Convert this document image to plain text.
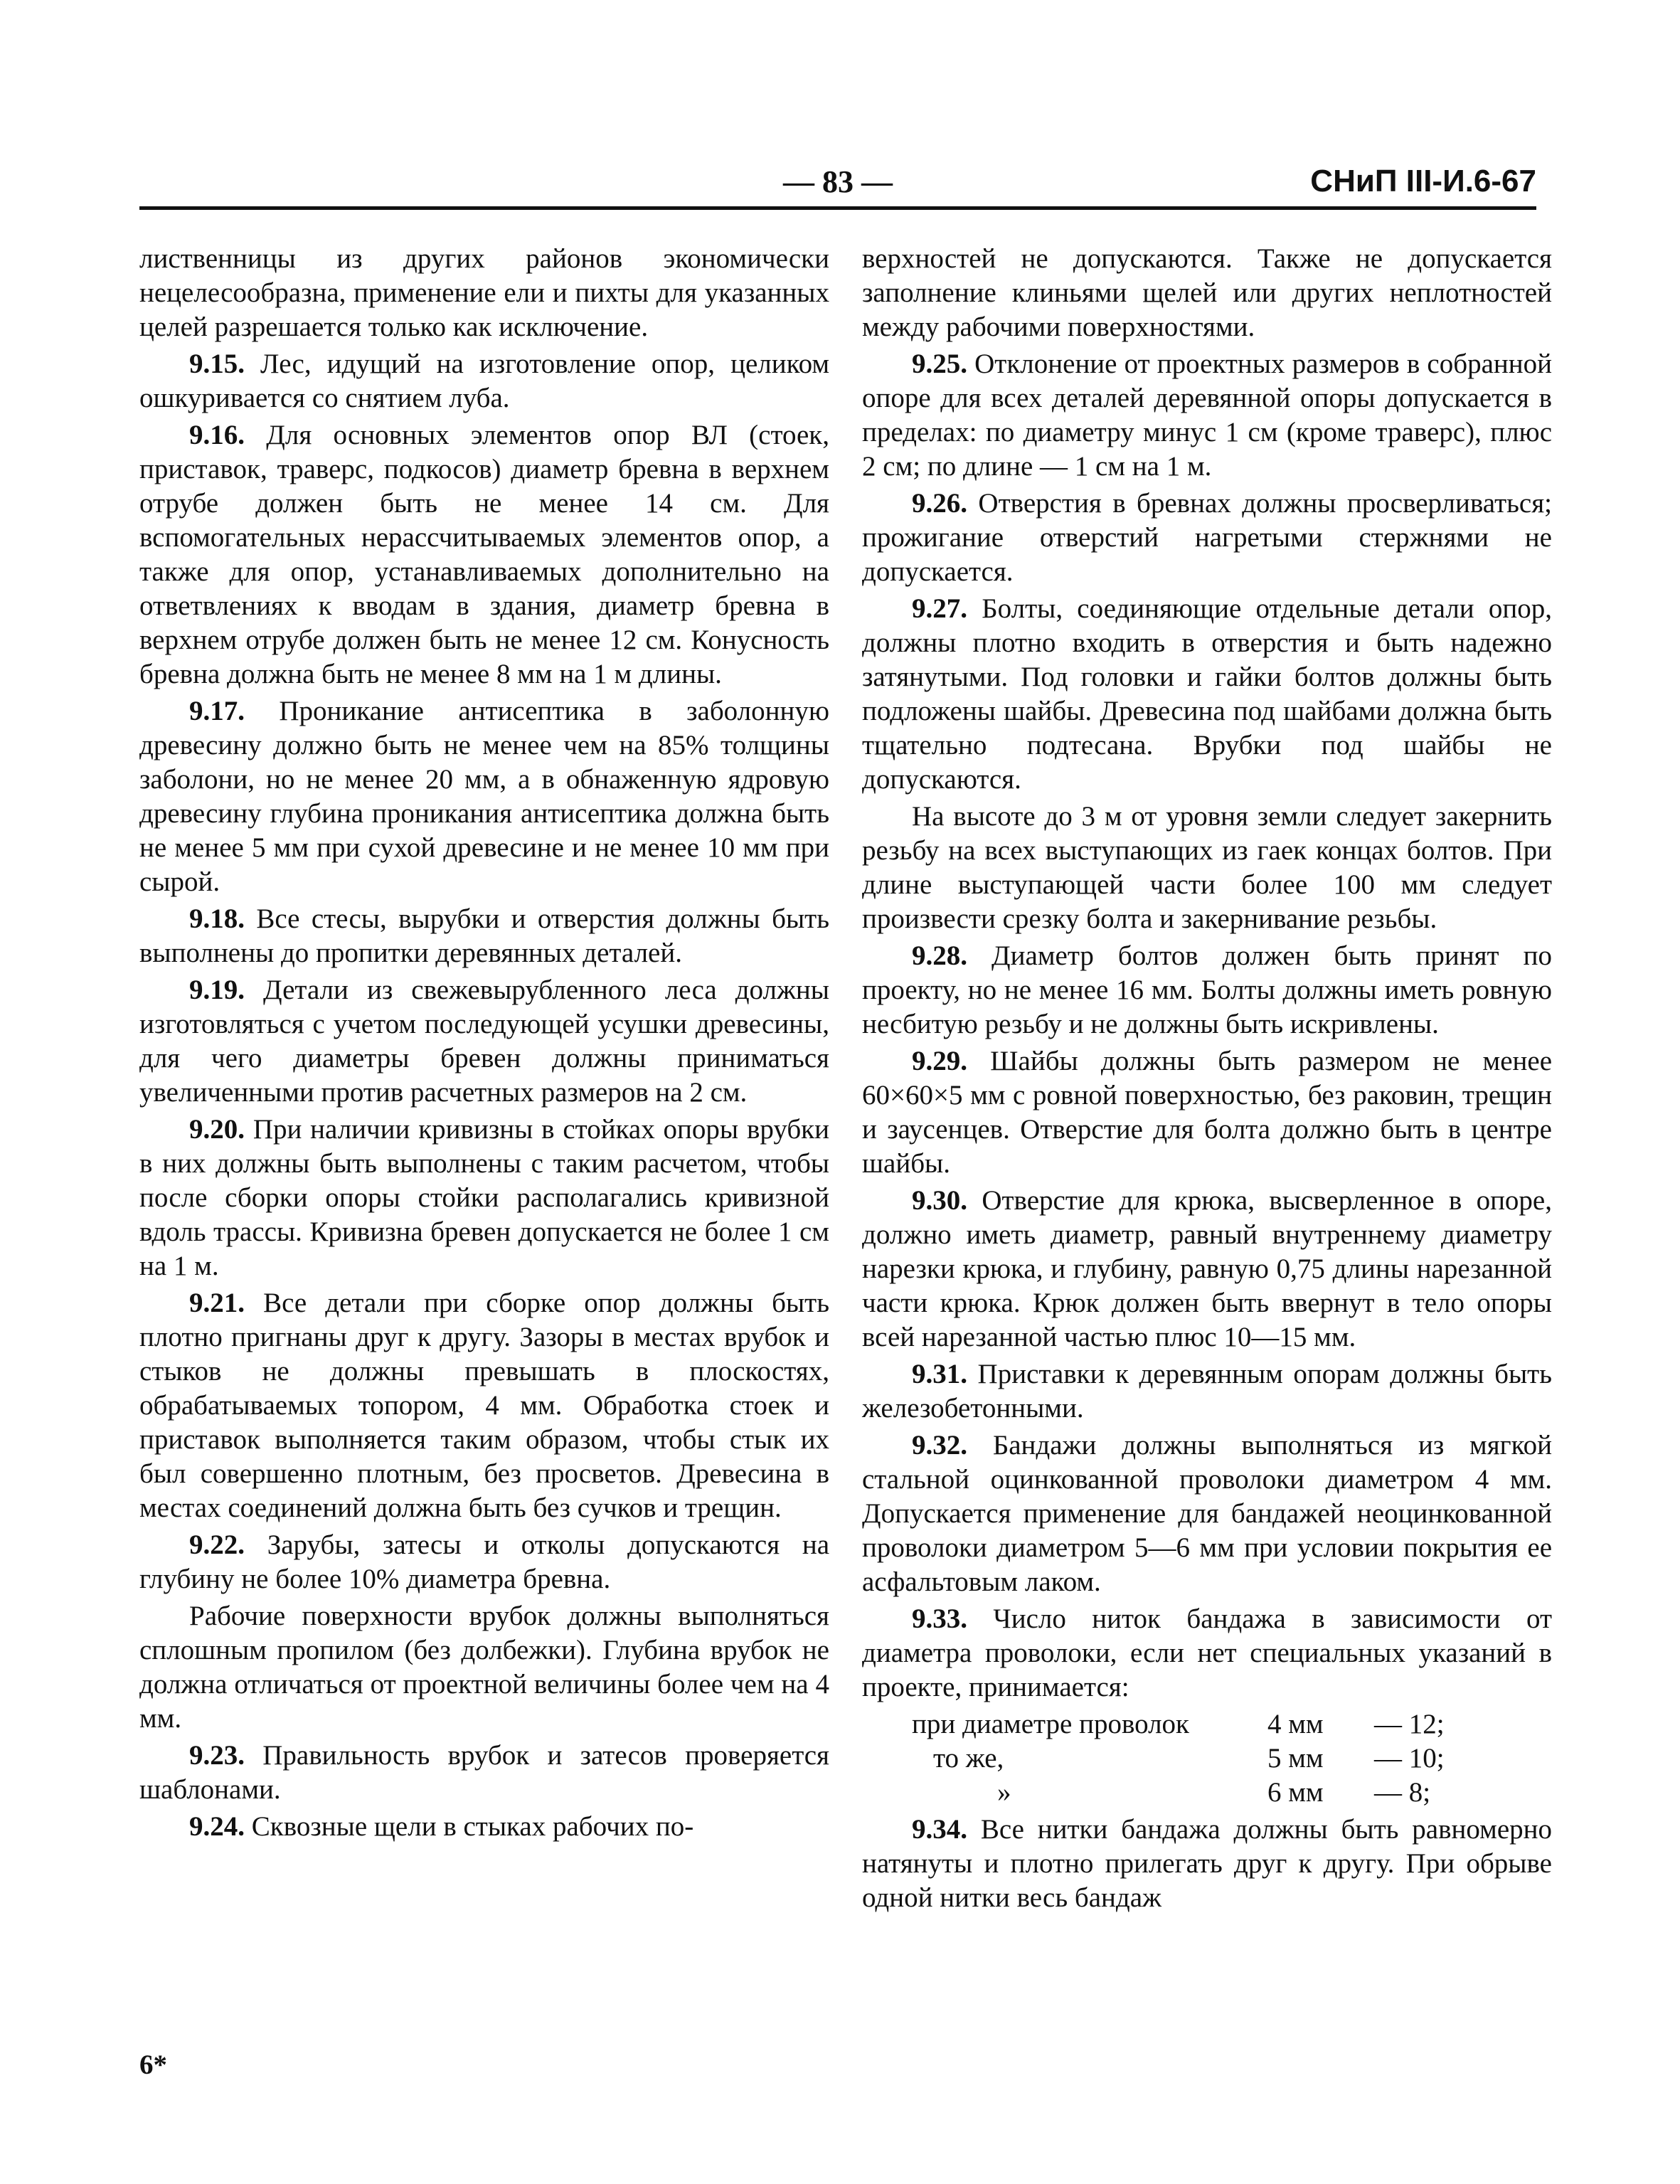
— 83 —	СНиП III-И.6-67

лиственницы из других районов экономически нецелесообразна, применение ели и пихты для указанных целей разрешается только как исключение.

9.15. Лес, идущий на изготовление опор, целиком ошкуривается со снятием луба.

9.16. Для основных элементов опор ВЛ (стоек, приставок, траверс, подкосов) диаметр бревна в верхнем отрубе должен быть не менее 14 см. Для вспомогательных нерассчитываемых элементов опор, а также для опор, устанавливаемых дополнительно на ответвлениях к вводам в здания, диаметр бревна в верхнем отрубе должен быть не менее 12 см. Конусность бревна должна быть не менее 8 мм на 1 м длины.

9.17. Проникание антисептика в заболонную древесину должно быть не менее чем на 85% толщины заболони, но не менее 20 мм, а в обнаженную ядровую древесину глубина проникания антисептика должна быть не менее 5 мм при сухой древесине и не менее 10 мм при сырой.

9.18. Все стесы, вырубки и отверстия должны быть выполнены до пропитки деревянных деталей.

9.19. Детали из свежевырубленного леса должны изготовляться с учетом последующей усушки древесины, для чего диаметры бревен должны приниматься увеличенными против расчетных размеров на 2 см.

9.20. При наличии кривизны в стойках опоры врубки в них должны быть выполнены с таким расчетом, чтобы после сборки опоры стойки располагались кривизной вдоль трассы. Кривизна бревен допускается не более 1 см на 1 м.

9.21. Все детали при сборке опор должны быть плотно пригнаны друг к другу. Зазоры в местах врубок и стыков не должны превышать в плоскостях, обрабатываемых топором, 4 мм. Обработка стоек и приставок выполняется таким образом, чтобы стык их был совершенно плотным, без просветов. Древесина в местах соединений должна быть без сучков и трещин.

9.22. Зарубы, затесы и отколы допускаются на глубину не более 10% диаметра бревна.

Рабочие поверхности врубок должны выполняться сплошным пропилом (без долбежки). Глубина врубок не должна отличаться от проектной величины более чем на 4 мм.

9.23. Правильность врубок и затесов проверяется шаблонами.

9.24. Сквозные щели в стыках рабочих по-

верхностей не допускаются. Также не допускается заполнение клиньями щелей или других неплотностей между рабочими поверхностями.

9.25. Отклонение от проектных размеров в собранной опоре для всех деталей деревянной опоры допускается в пределах: по диаметру минус 1 см (кроме траверс), плюс 2 см; по длине — 1 см на 1 м.

9.26. Отверстия в бревнах должны просверливаться; прожигание отверстий нагретыми стержнями не допускается.

9.27. Болты, соединяющие отдельные детали опор, должны плотно входить в отверстия и быть надежно затянутыми. Под головки и гайки болтов должны быть подложены шайбы. Древесина под шайбами должна быть тщательно подтесана. Врубки под шайбы не допускаются.

На высоте до 3 м от уровня земли следует закернить резьбу на всех выступающих из гаек концах болтов. При длине выступающей части более 100 мм следует произвести срезку болта и закернивание резьбы.

9.28. Диаметр болтов должен быть принят по проекту, но не менее 16 мм. Болты должны иметь ровную несбитую резьбу и не должны быть искривлены.

9.29. Шайбы должны быть размером не менее 60×60×5 мм с ровной поверхностью, без раковин, трещин и заусенцев. Отверстие для болта должно быть в центре шайбы.

9.30. Отверстие для крюка, высверленное в опоре, должно иметь диаметр, равный внутреннему диаметру нарезки крюка, и глубину, равную 0,75 длины нарезанной части крюка. Крюк должен быть ввернут в тело опоры всей нарезанной частью плюс 10—15 мм.

9.31. Приставки к деревянным опорам должны быть железобетонными.

9.32. Бандажи должны выполняться из мягкой стальной оцинкованной проволоки диаметром 4 мм. Допускается применение для бандажей неоцинкованной проволоки диаметром 5—6 мм при условии покрытия ее асфальтовым лаком.

9.33. Число ниток бандажа в зависимости от диаметра проволоки, если нет специальных указаний в проекте, принимается:

при диаметре проволок	4 мм — 12;
то же,	5 мм — 10;
»	6 мм — 8;

9.34. Все нитки бандажа должны быть равномерно натянуты и плотно прилегать друг к другу. При обрыве одной нитки весь бандаж

6*
